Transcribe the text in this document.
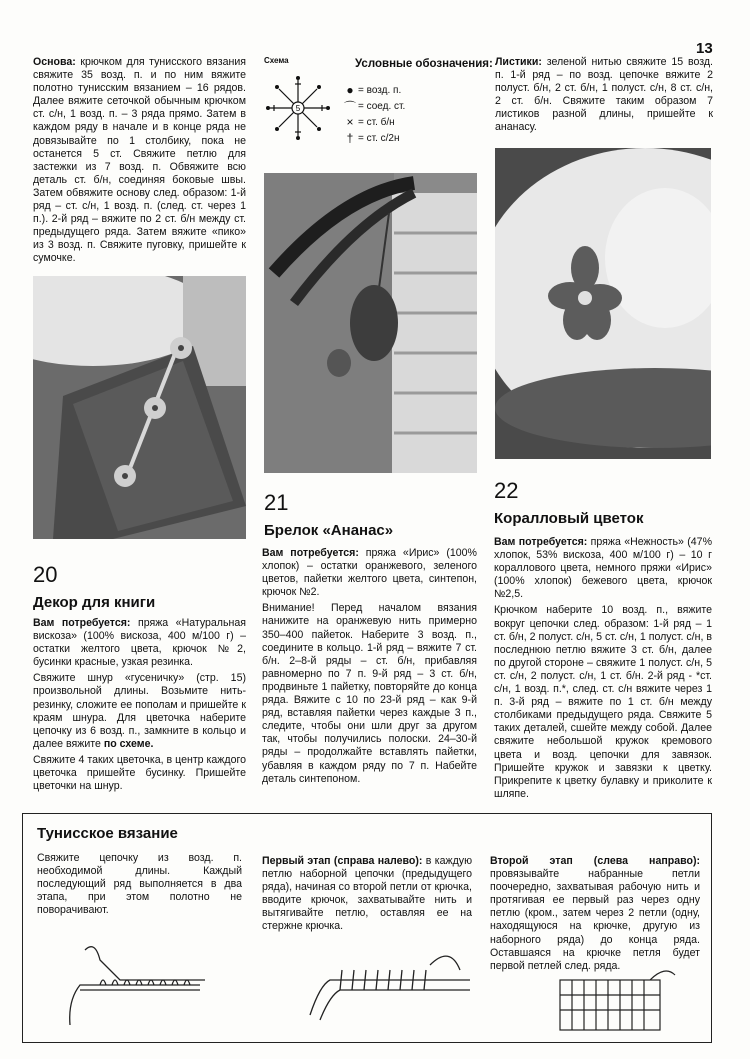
13

Основа: крючком для тунисского вязания свяжите 35 возд. п. и по ним вяжите полотно тунисским вязанием – 16 рядов. Далее вяжите сеточкой обычным крючком ст. с/н, 1 возд. п. – 3 ряда прямо. Затем в каждом ряду в начале и в конце ряда не довязывайте по 1 столбику, пока не останется 5 ст. Свяжите петлю для застежки из 7 возд. п. Обвяжите всю деталь ст. б/н, соединяя боковые швы. Затем обвяжите основу след. образом: 1-й ряд – ст. с/н, 1 возд. п. (след. ст. через 1 п.). 2-й ряд – вяжите по 2 ст. б/н между ст. предыдущего ряда. Затем вяжите «пико» из 3 возд. п. Свяжите пуговку, пришейте к сумочке.

Схема
5
Условные обозначения:
● = возд. п.
⌒ = соед. ст.
× = ст. б/н
† = ст. с/2н

Листики: зеленой нитью свяжите 15 возд. п. 1-й ряд – по возд. цепочке вяжите 2 полуст. б/н, 2 ст. б/н, 1 полуст. с/н, 8 ст. с/н, 2 ст. б/н. Свяжите таким образом 7 листиков разной длины, пришейте к ананасу.

20
Декор для книги

Вам потребуется: пряжа «Натуральная вискоза» (100% вискоза, 400 м/100 г) – остатки желтого цвета, крючок №2, бусинки красные, узкая резинка.

Свяжите шнур «гусеничку» (стр. 15) произвольной длины. Возьмите нить-резинку, сложите ее пополам и пришейте к краям шнура. Для цветочка наберите цепочку из 6 возд. п., замкните в кольцо и далее вяжите по схеме.

Свяжите 4 таких цветочка, в центр каждого цветочка пришейте бусинку. Пришейте цветочки на шнур.

21
Брелок «Ананас»

Вам потребуется: пряжа «Ирис» (100% хлопок) – остатки оранжевого, зеленого цветов, пайетки желтого цвета, синтепон, крючок №2.

Внимание! Перед началом вязания нанижите на оранжевую нить примерно 350–400 пайеток. Наберите 3 возд. п., соедините в кольцо. 1-й ряд – вяжите 7 ст. б/н. 2–8-й ряды – ст. б/н, прибавляя равномерно по 7 п. 9-й ряд – 3 ст. б/н, продвиньте 1 пайетку, повторяйте до конца ряда. Вяжите с 10 по 23-й ряд – как 9-й ряд, вставляя пайетки через каждые 3 п., следите, чтобы они шли друг за другом так, чтобы получились полоски. 24–30-й ряды – продолжайте вставлять пайетки, убавляя в каждом ряду по 7 п. Набейте деталь синтепоном.

22
Коралловый цветок

Вам потребуется: пряжа «Нежность» (47% хлопок, 53% вискоза, 400 м/100 г) – 10 г кораллового цвета, немного пряжи «Ирис» (100% хлопок) бежевого цвета, крючок №2,5.

Крючком наберите 10 возд. п., вяжите вокруг цепочки след. образом: 1-й ряд – 1 ст. б/н, 2 полуст. с/н, 5 ст. с/н, 1 полуст. с/н, в последнюю петлю вяжите 3 ст. б/н, далее по другой стороне – свяжите 1 полуст. с/н, 5 ст. с/н, 2 полуст. с/н, 1 ст. б/н. 2-й ряд - *ст. с/н, 1 возд. п.*, след. ст. с/н вяжите через 1 п. 3-й ряд – вяжите по 1 ст. б/н между столбиками предыдущего ряда. Свяжите 5 таких деталей, сшейте между собой. Далее свяжите небольшой кружок кремового цвета и возд. цепочки для завязок. Пришейте кружок и завязки к цветку. Прикрепите к цветку булавку и приколите к шляпе.

Тунисское вязание
Свяжите цепочку из возд. п. необходимой длины. Каждый последующий ряд выполняется в два этапа, при этом полотно не поворачивают.
Первый этап (справа налево): в каждую петлю наборной цепочки (предыдущего ряда), начиная со второй петли от крючка, вводите крючок, захватывайте нить и вытягивайте петлю, оставляя ее на стержне крючка.
Второй этап (слева направо): провязывайте набранные петли поочередно, захватывая рабочую нить и протягивая ее первый раз через одну петлю (кром., затем через 2 петли (одну, находящуюся на крючке, другую из наборного ряда) до конца ряда. Оставшаяся на крючке петля будет первой петлей след. ряда.
